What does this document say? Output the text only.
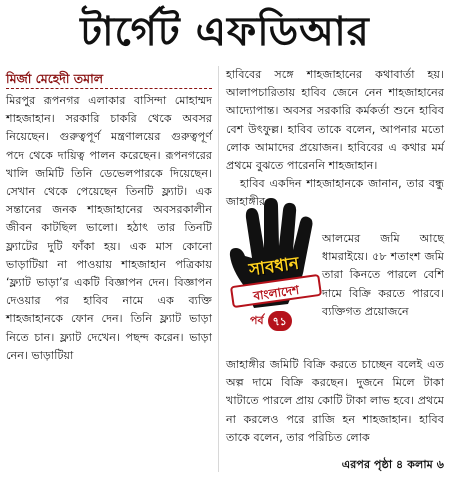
টার্গেট এফডিআর
মির্জা মেহেদী তমাল

মিরপুর রূপনগর এলাকার বাসিন্দা মোহাম্মদ শাহজাহান। সরকারি চাকরি থেকে অবসর নিয়েছেন। গুরুত্বপূর্ণ মন্ত্রণালয়ের গুরুত্বপূর্ণ পদে থেকে দায়িত্ব পালন করেছেন। রূপনগরের খালি জমিটি তিনি ডেভেলপারকে দিয়েছেন। সেখান থেকে পেয়েছেন তিনটি ফ্ল্যাট। এক সন্তানের জনক শাহজাহানের অবসরকালীন জীবন কাটছিল ভালো। হঠাৎ তার তিনটি ফ্ল্যাটের দুটি ফাঁকা হয়। এক মাস কোনো ভাড়াটিয়া না পাওয়ায় শাহজাহান পত্রিকায় ‘ফ্ল্যাট ভাড়া’র একটি বিজ্ঞাপন দেন। বিজ্ঞাপন দেওয়ার পর হাবিব নামে এক ব্যক্তি শাহজাহানকে ফোন দেন। তিনি ফ্ল্যাট ভাড়া নিতে চান। ফ্ল্যাট দেখেন। পছন্দ করেন। ভাড়া নেন। ভাড়াটিয়া

হাবিবের সঙ্গে শাহজাহানের কথাবার্তা হয়। আলাপচারিতায় হাবিব জেনে নেন শাহজাহানের আদ্যোপান্ত। অবসর সরকারি কর্মকর্তা শুনে হাবিব বেশ উৎফুল্ল। হাবিব তাকে বলেন, আপনার মতো লোক আমাদের প্রয়োজন। হাবিবের এ কথার মর্ম প্রথমে বুঝতে পারেননি শাহজাহান।

হাবিব একদিন শাহজাহানকে জানান, তার বন্ধু জাহাঙ্গীর

আলমের জমি আছে ধামরাইয়ে। ৫৮ শতাংশ জমি তারা কিনতে পারলে বেশি দামে বিক্রি করতে পারবে। ব্যক্তিগত প্রয়োজনে

জাহাঙ্গীর জমিটি বিক্রি করতে চাচ্ছেন বলেই এত অল্প দামে বিক্রি করছেন। দুজনে মিলে টাকা খাটাতে পারলে প্রায় কোটি টাকা লাভ হবে। প্রথমে না করলেও পরে রাজি হন শাহজাহান। হাবিব তাকে বলেন, তার পরিচিত লোক

সাবধান
বাংলাদেশ
পর্ব ৭১
এরপর পৃষ্ঠা ৪ কলাম ৬
